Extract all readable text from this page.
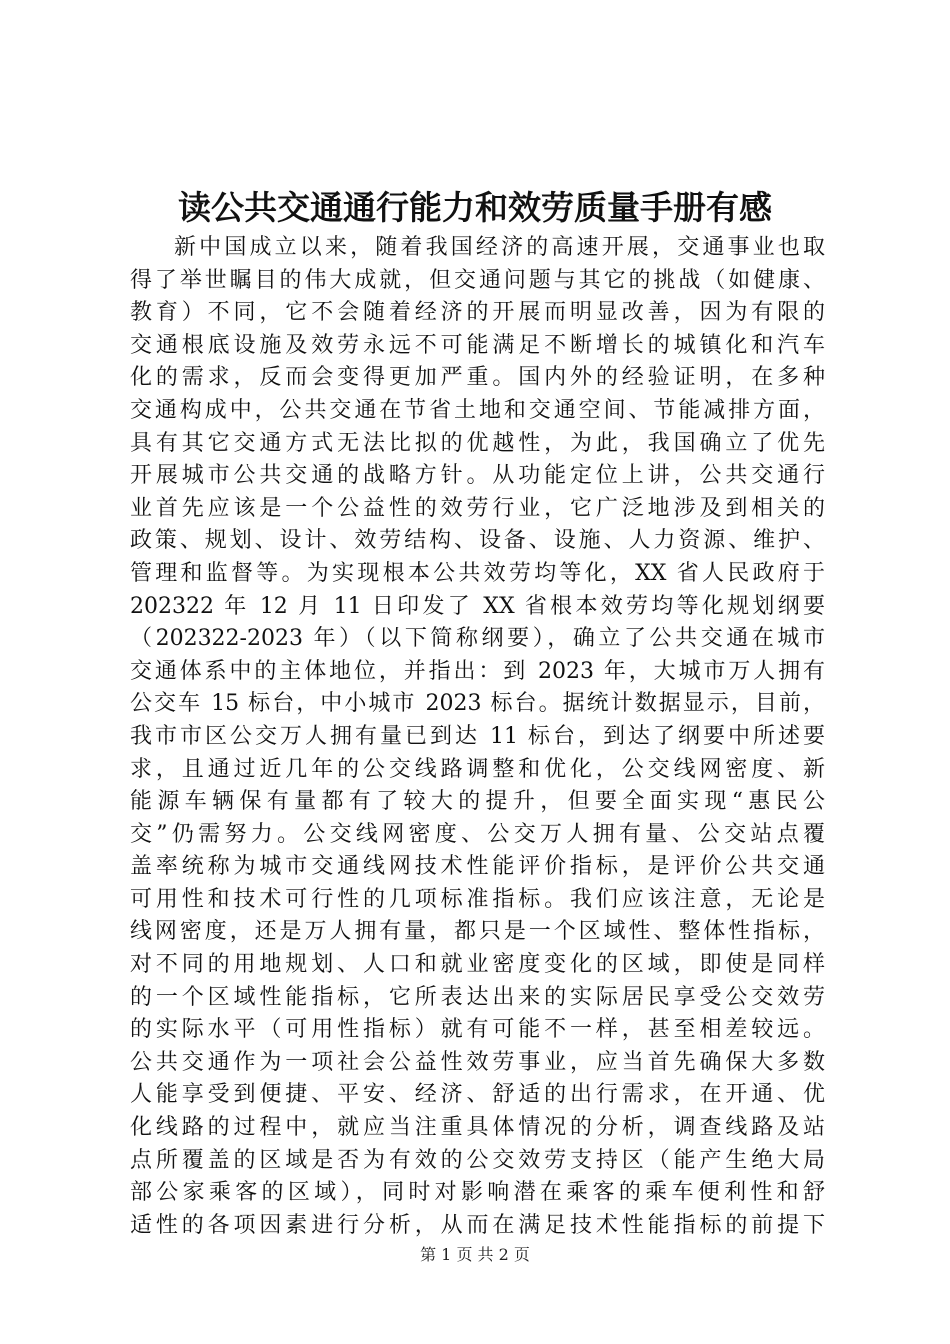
读公共交通通行能力和效劳质量手册有感
新中国成立以来，随着我国经济的高速开展，交通事业也取
得了举世瞩目的伟大成就，但交通问题与其它的挑战（如健康、
教育）不同，它不会随着经济的开展而明显改善，因为有限的
交通根底设施及效劳永远不可能满足不断增长的城镇化和汽车
化的需求，反而会变得更加严重。国内外的经验证明，在多种
交通构成中，公共交通在节省土地和交通空间、节能减排方面，
具有其它交通方式无法比拟的优越性，为此，我国确立了优先
开展城市公共交通的战略方针。从功能定位上讲，公共交通行
业首先应该是一个公益性的效劳行业，它广泛地涉及到相关的
政策、规划、设计、效劳结构、设备、设施、人力资源、维护、
管理和监督等。为实现根本公共效劳均等化，XX 省人民政府于
202322 年 12 月 11 日印发了 XX 省根本效劳均等化规划纲要
（202322-2023 年）（以下简称纲要），确立了公共交通在城市
交通体系中的主体地位，并指出：到 2023 年，大城市万人拥有
公交车 15 标台，中小城市 2023 标台。据统计数据显示，目前，
我市市区公交万人拥有量已到达 11 标台，到达了纲要中所述要
求，且通过近几年的公交线路调整和优化，公交线网密度、新
能源车辆保有量都有了较大的提升，但要全面实现“惠民公
交”仍需努力。公交线网密度、公交万人拥有量、公交站点覆
盖率统称为城市交通线网技术性能评价指标，是评价公共交通
可用性和技术可行性的几项标准指标。我们应该注意，无论是
线网密度，还是万人拥有量，都只是一个区域性、整体性指标，
对不同的用地规划、人口和就业密度变化的区域，即使是同样
的一个区域性能指标，它所表达出来的实际居民享受公交效劳
的实际水平（可用性指标）就有可能不一样，甚至相差较远。
公共交通作为一项社会公益性效劳事业，应当首先确保大多数
人能享受到便捷、平安、经济、舒适的出行需求，在开通、优
化线路的过程中，就应当注重具体情况的分析，调查线路及站
点所覆盖的区域是否为有效的公交效劳支持区（能产生绝大局
部公家乘客的区域），同时对影响潜在乘客的乘车便利性和舒
适性的各项因素进行分析，从而在满足技术性能指标的前提下
第 1 页 共 2 页
